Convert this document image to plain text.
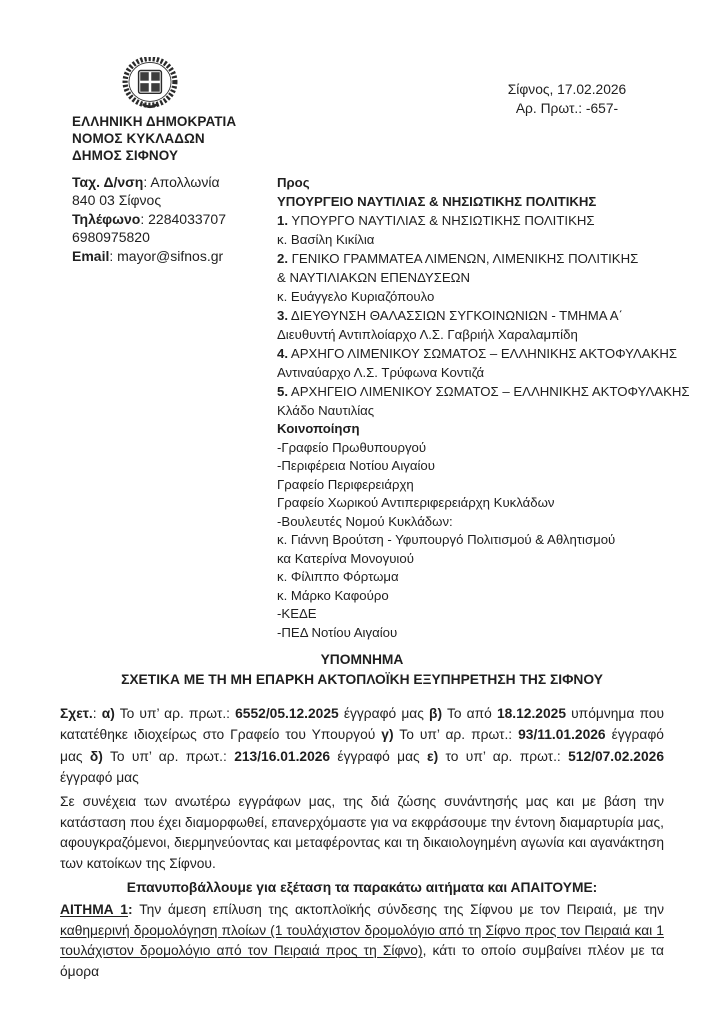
ΕΛΛΗΝΙΚΗ ΔΗΜΟΚΡΑΤΙΑ
ΝΟΜΟΣ ΚΥΚΛΑΔΩΝ
ΔΗΜΟΣ ΣΙΦΝΟΥ
Ταχ. Δ/νση: Απολλωνία
840 03 Σίφνος
Τηλέφωνο: 2284033707
6980975820
Email: mayor@sifnos.gr
Σίφνος, 17.02.2026
Αρ. Πρωτ.: -657-
Προς
ΥΠΟΥΡΓΕΙΟ ΝΑΥΤΙΛΙΑΣ & ΝΗΣΙΩΤΙΚΗΣ ΠΟΛΙΤΙΚΗΣ
1. ΥΠΟΥΡΓΟ ΝΑΥΤΙΛΙΑΣ & ΝΗΣΙΩΤΙΚΗΣ ΠΟΛΙΤΙΚΗΣ
κ. Βασίλη Κικίλια
2. ΓΕΝΙΚΟ ΓΡΑΜΜΑΤΕΑ ΛΙΜΕΝΩΝ, ΛΙΜΕΝΙΚΗΣ ΠΟΛΙΤΙΚΗΣ
& ΝΑΥΤΙΛΙΑΚΩΝ ΕΠΕΝΔΥΣΕΩΝ
κ. Ευάγγελο Κυριαζόπουλο
3. ΔΙΕΥΘΥΝΣΗ ΘΑΛΑΣΣΙΩΝ ΣΥΓΚΟΙΝΩΝΙΩΝ - ΤΜΗΜΑ Α΄
Διευθυντή Αντιπλοίαρχο Λ.Σ. Γαβριήλ Χαραλαμπίδη
4. ΑΡΧΗΓΟ ΛΙΜΕΝΙΚΟΥ ΣΩΜΑΤΟΣ – ΕΛΛΗΝΙΚΗΣ ΑΚΤΟΦΥΛΑΚΗΣ
Αντιναύαρχο Λ.Σ. Τρύφωνα Κοντιζά
5. ΑΡΧΗΓΕΙΟ ΛΙΜΕΝΙΚΟΥ ΣΩΜΑΤΟΣ – ΕΛΛΗΝΙΚΗΣ ΑΚΤΟΦΥΛΑΚΗΣ
Κλάδο Ναυτιλίας
Κοινοποίηση
-Γραφείο Πρωθυπουργού
-Περιφέρεια Νοτίου Αιγαίου
Γραφείο Περιφερειάρχη
Γραφείο Χωρικού Αντιπεριφερειάρχη Κυκλάδων
-Βουλευτές Νομού Κυκλάδων:
κ. Γιάννη Βρούτση - Υφυπουργό Πολιτισμού & Αθλητισμού
κα Κατερίνα Μονογυιού
κ. Φίλιππο Φόρτωμα
κ. Μάρκο Καφούρο
-ΚΕΔΕ
-ΠΕΔ Νοτίου Αιγαίου

ΥΠΟΜΝΗΜΑ

ΣΧΕΤΙΚΑ ΜΕ ΤΗ ΜΗ ΕΠΑΡΚΗ ΑΚΤΟΠΛΟΪΚΗ ΕΞΥΠΗΡΕΤΗΣΗ ΤΗΣ ΣΙΦΝΟΥ

Σχετ.: α) Το υπ’ αρ. πρωτ.: 6552/05.12.2025 έγγραφό μας β) Το από 18.12.2025 υπόμνημα που κατατέθηκε ιδιοχείρως στο Γραφείο του Υπουργού γ) Το υπ’ αρ. πρωτ.: 93/11.01.2026 έγγραφό μας δ) Το υπ’ αρ. πρωτ.: 213/16.01.2026 έγγραφό μας ε) το υπ’ αρ. πρωτ.: 512/07.02.2026 έγγραφό μας

Σε συνέχεια των ανωτέρω εγγράφων μας, της διά ζώσης συνάντησής μας και με βάση την κατάσταση που έχει διαμορφωθεί, επανερχόμαστε για να εκφράσουμε την έντονη διαμαρτυρία μας, αφουγκραζόμενοι, διερμηνεύοντας και μεταφέροντας και τη δικαιολογημένη αγωνία και αγανάκτηση των κατοίκων της Σίφνου.

Επανυποβάλλουμε για εξέταση τα παρακάτω αιτήματα και ΑΠΑΙΤΟΥΜΕ:

ΑΙΤΗΜΑ 1: Την άμεση επίλυση της ακτοπλοϊκής σύνδεσης της Σίφνου με τον Πειραιά, με την καθημερινή δρομολόγηση πλοίων (1 τουλάχιστον δρομολόγιο από τη Σίφνο προς τον Πειραιά και 1 τουλάχιστον δρομολόγιο από τον Πειραιά προς τη Σίφνο), κάτι το οποίο συμβαίνει πλέον με τα όμορα
